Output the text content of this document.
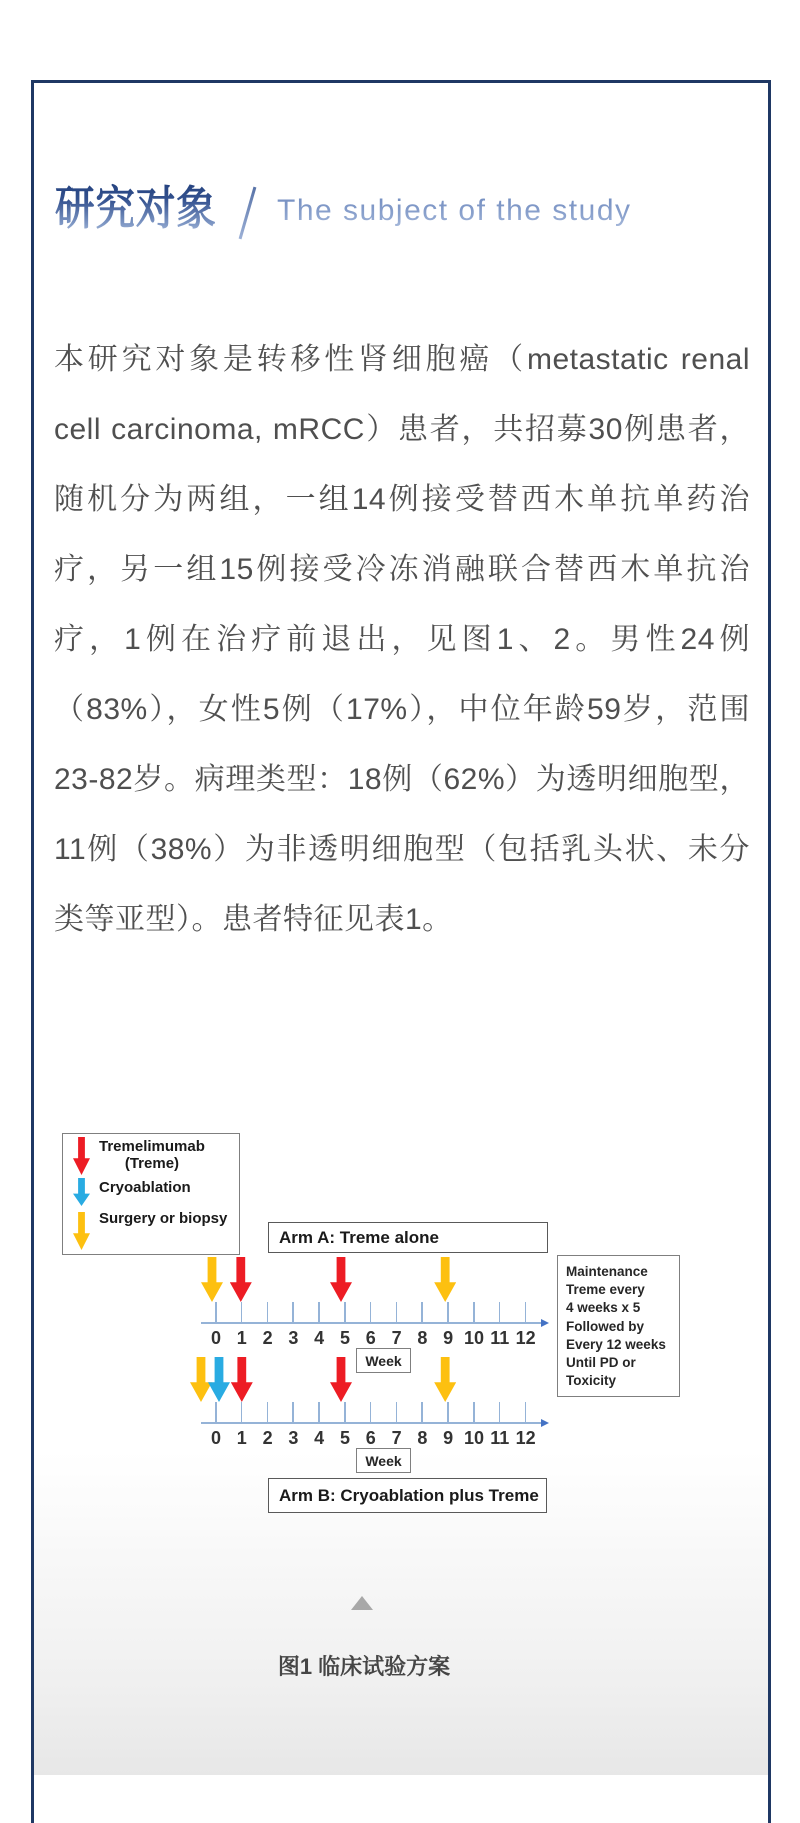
研究对象 The subject of the study
本研究对象是转移性肾细胞癌（metastatic renal cell carcinoma, mRCC）患者，共招募30例患者，随机分为两组，一组14例接受替西木单抗单药治疗，另一组15例接受冷冻消融联合替西木单抗治疗，1例在治疗前退出，见图1、2。男性24例（83%），女性5例（17%），中位年龄59岁，范围23-82岁。病理类型：18例（62%）为透明细胞型，11例（38%）为非透明细胞型（包括乳头状、未分类等亚型）。患者特征见表1。
Tremelimumab
(Treme)
Cryoablation
Surgery or biopsy
Arm A: Treme alone
Arm B: Cryoablation plus Treme
Maintenance
Treme every
4 weeks x 5
Followed by
Every 12 weeks
Until PD or
Toxicity
0 1 2 3 4 5 6 7 8 9 10 11 12
Week
0 1 2 3 4 5 6 7 8 9 10 11 12
Week
图1 临床试验方案
